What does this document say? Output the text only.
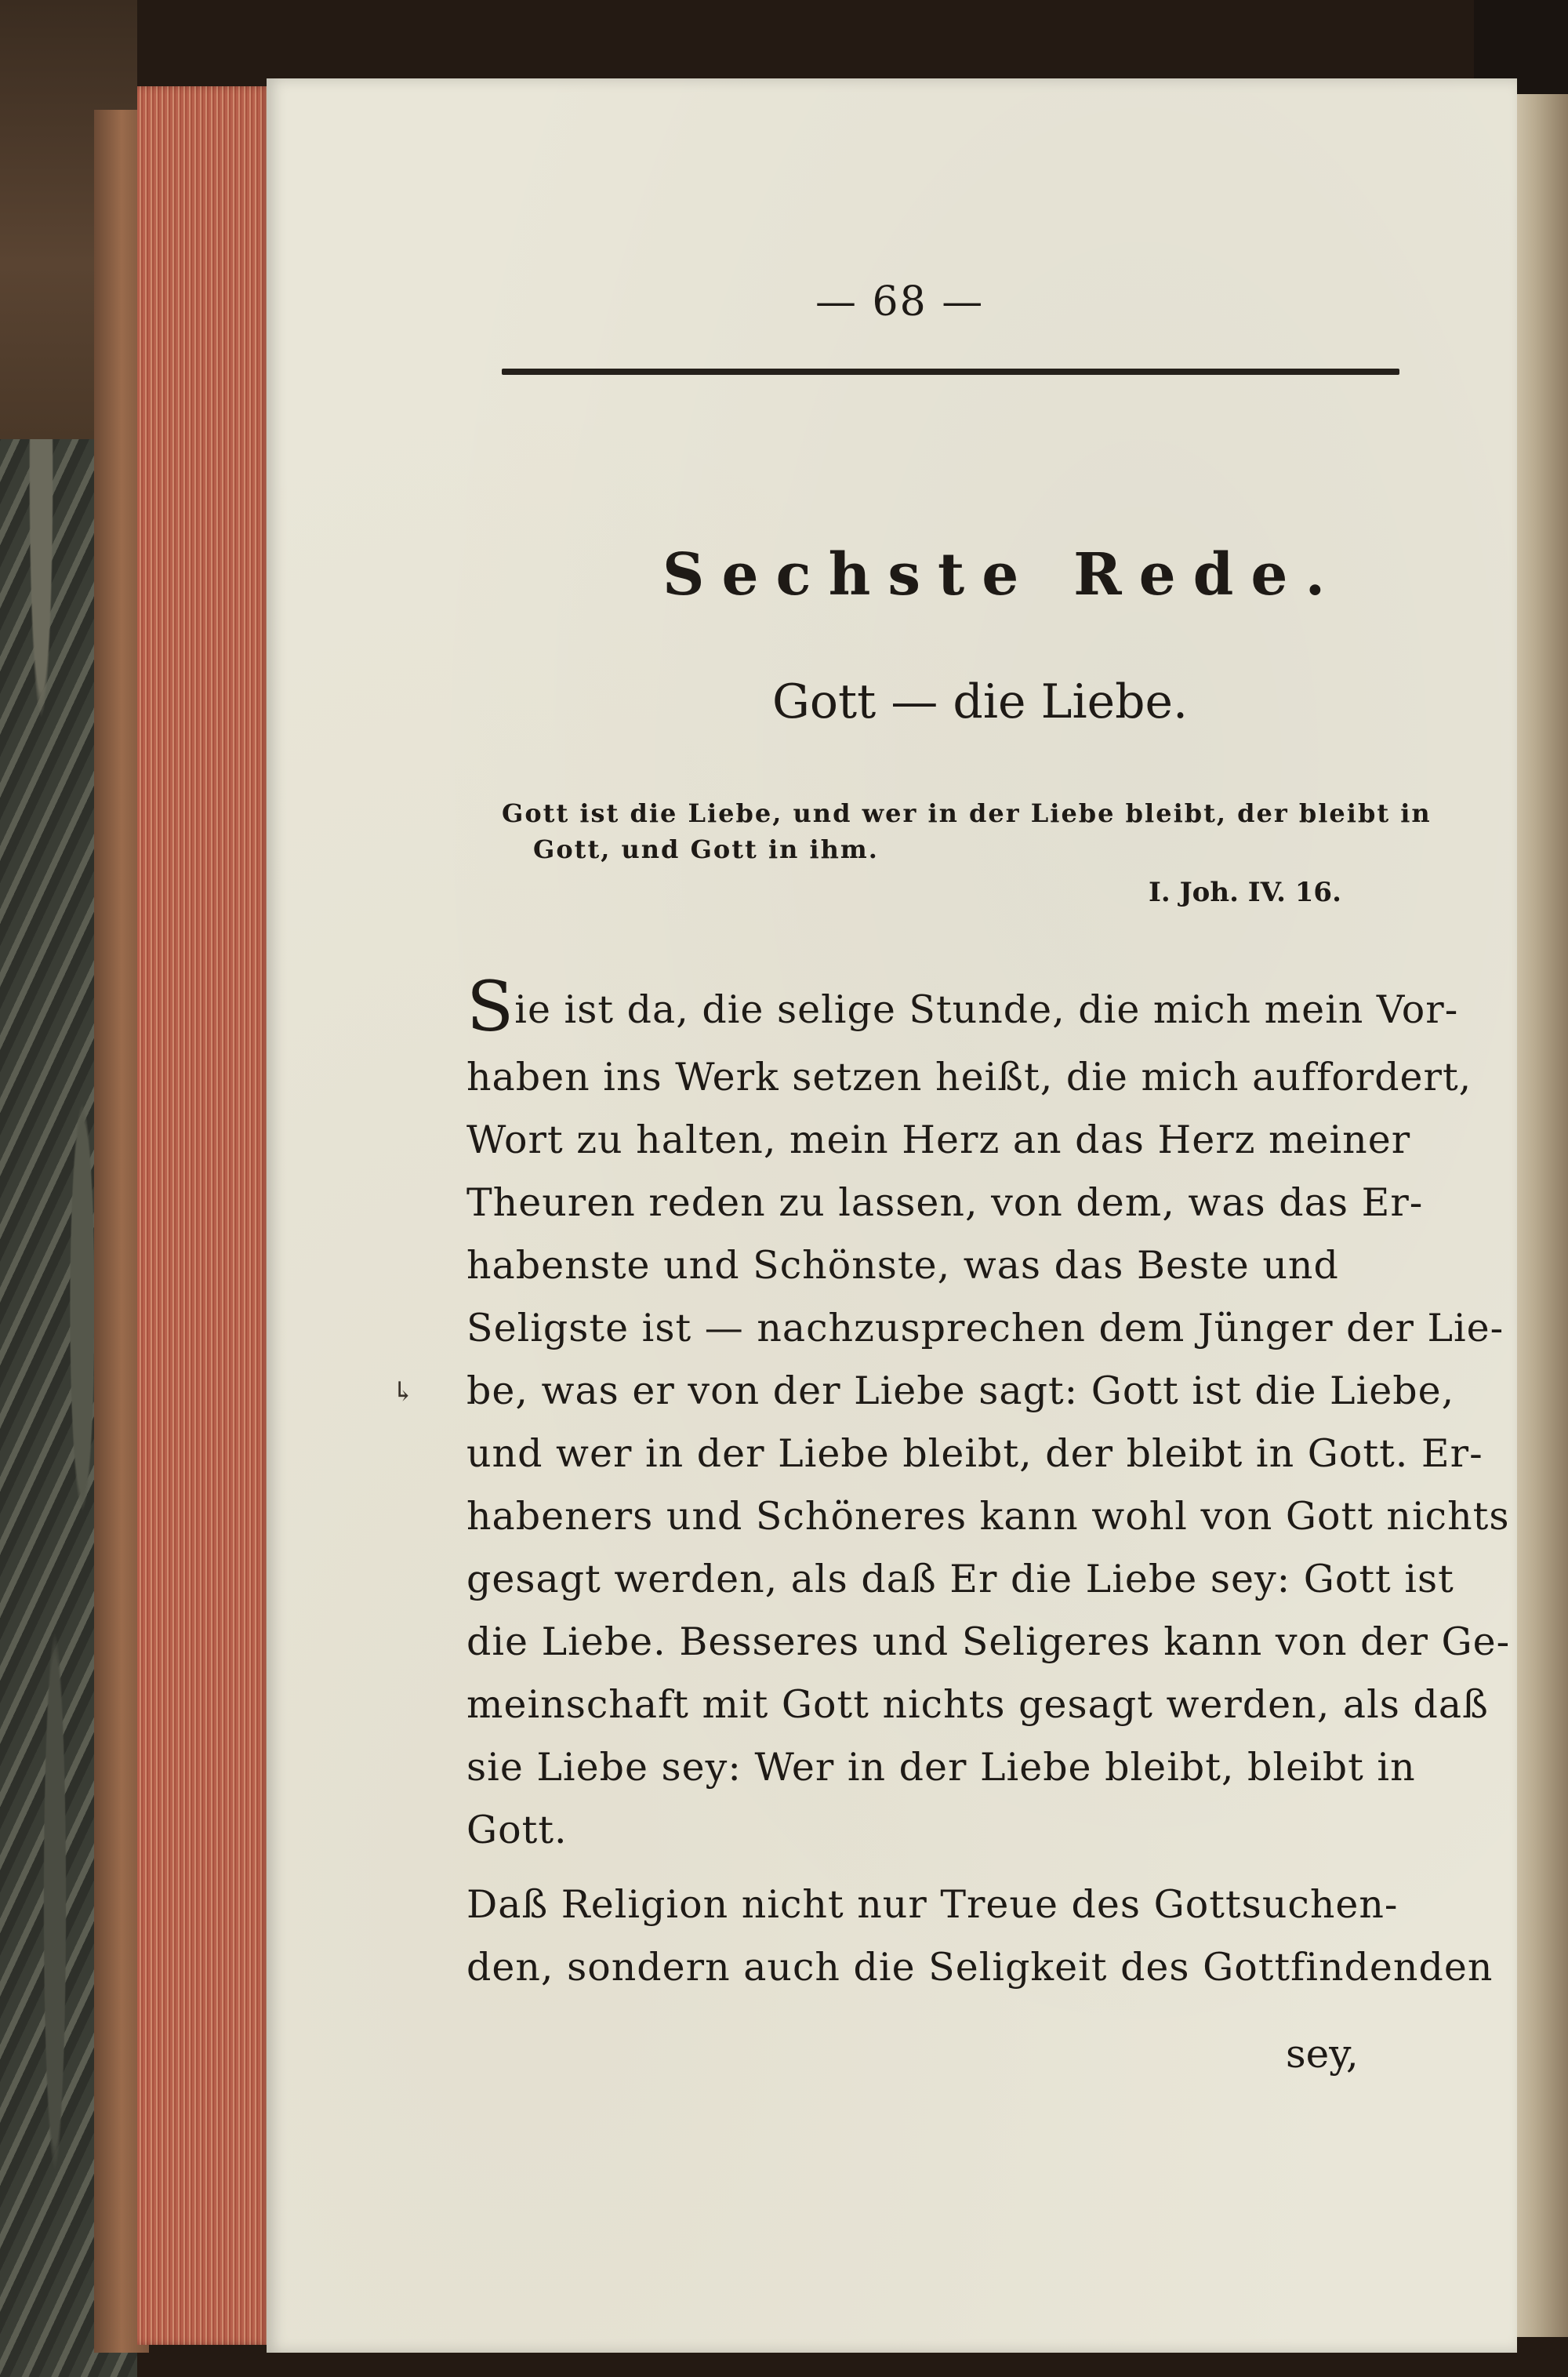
— 68 —
Sechste Rede.
Gott — die Liebe.
Gott ist die Liebe, und wer in der Liebe bleibt, der bleibt in
Gott, und Gott in ihm.
I. Joh. IV. 16.
↳
Sie ist da, die selige Stunde, die mich mein Vor-
haben ins Werk setzen heißt, die mich auffordert,
Wort zu halten, mein Herz an das Herz meiner
Theuren reden zu lassen, von dem, was das Er-
habenste und Schönste, was das Beste und
Seligste ist — nachzusprechen dem Jünger der Lie-
be, was er von der Liebe sagt: Gott ist die Liebe,
und wer in der Liebe bleibt, der bleibt in Gott. Er-
habeners und Schöneres kann wohl von Gott nichts
gesagt werden, als daß Er die Liebe sey: Gott ist
die Liebe. Besseres und Seligeres kann von der Ge-
meinschaft mit Gott nichts gesagt werden, als daß
sie Liebe sey: Wer in der Liebe bleibt, bleibt in
Gott.
Daß Religion nicht nur Treue des Gottsuchen-
den, sondern auch die Seligkeit des Gottfindenden
sey,
